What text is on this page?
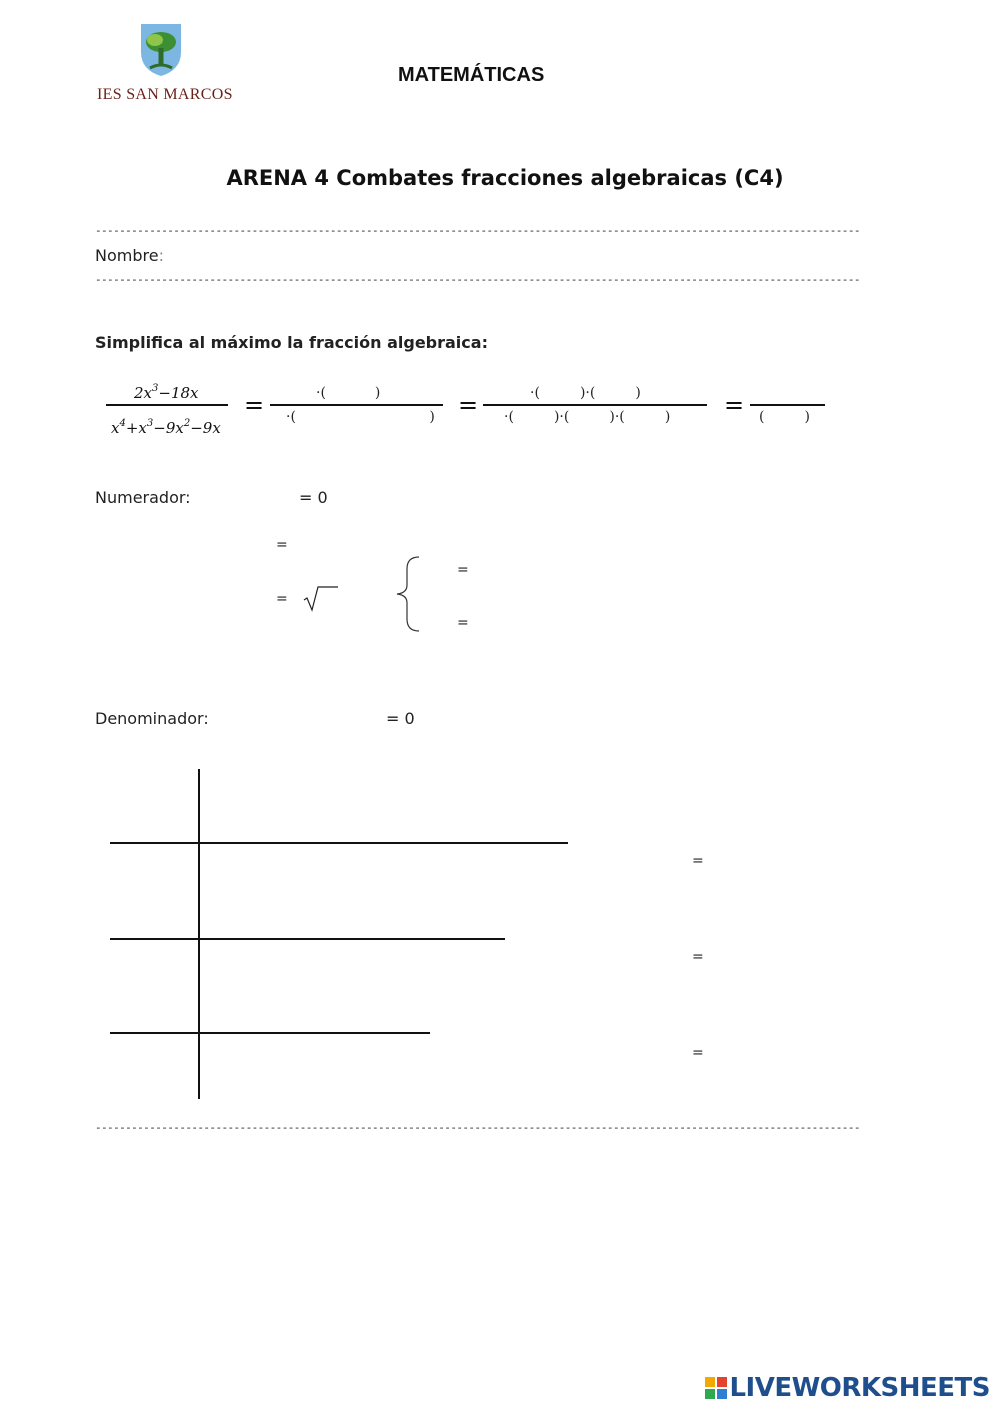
IES SAN MARCOS
MATEMÁTICAS
ARENA 4 Combates fracciones algebraicas (C4)
-------------------------------------------------------------------------------------------------------------------------------
Nombre:
-------------------------------------------------------------------------------------------------------------------------------
Simplifica al máximo la fracción algebraica:
$2x^3-18x$
$x^4+x^3-9x^2-9x$
=	·(           )
·(                              ) =	·(         )·(         )
·(         )·(         )·(         ) = (         )
Numerador:	= 0
=
=
=
=
Denominador:	= 0
=
=
=
-------------------------------------------------------------------------------------------------------------------------------
LIVEWORKSHEETS
